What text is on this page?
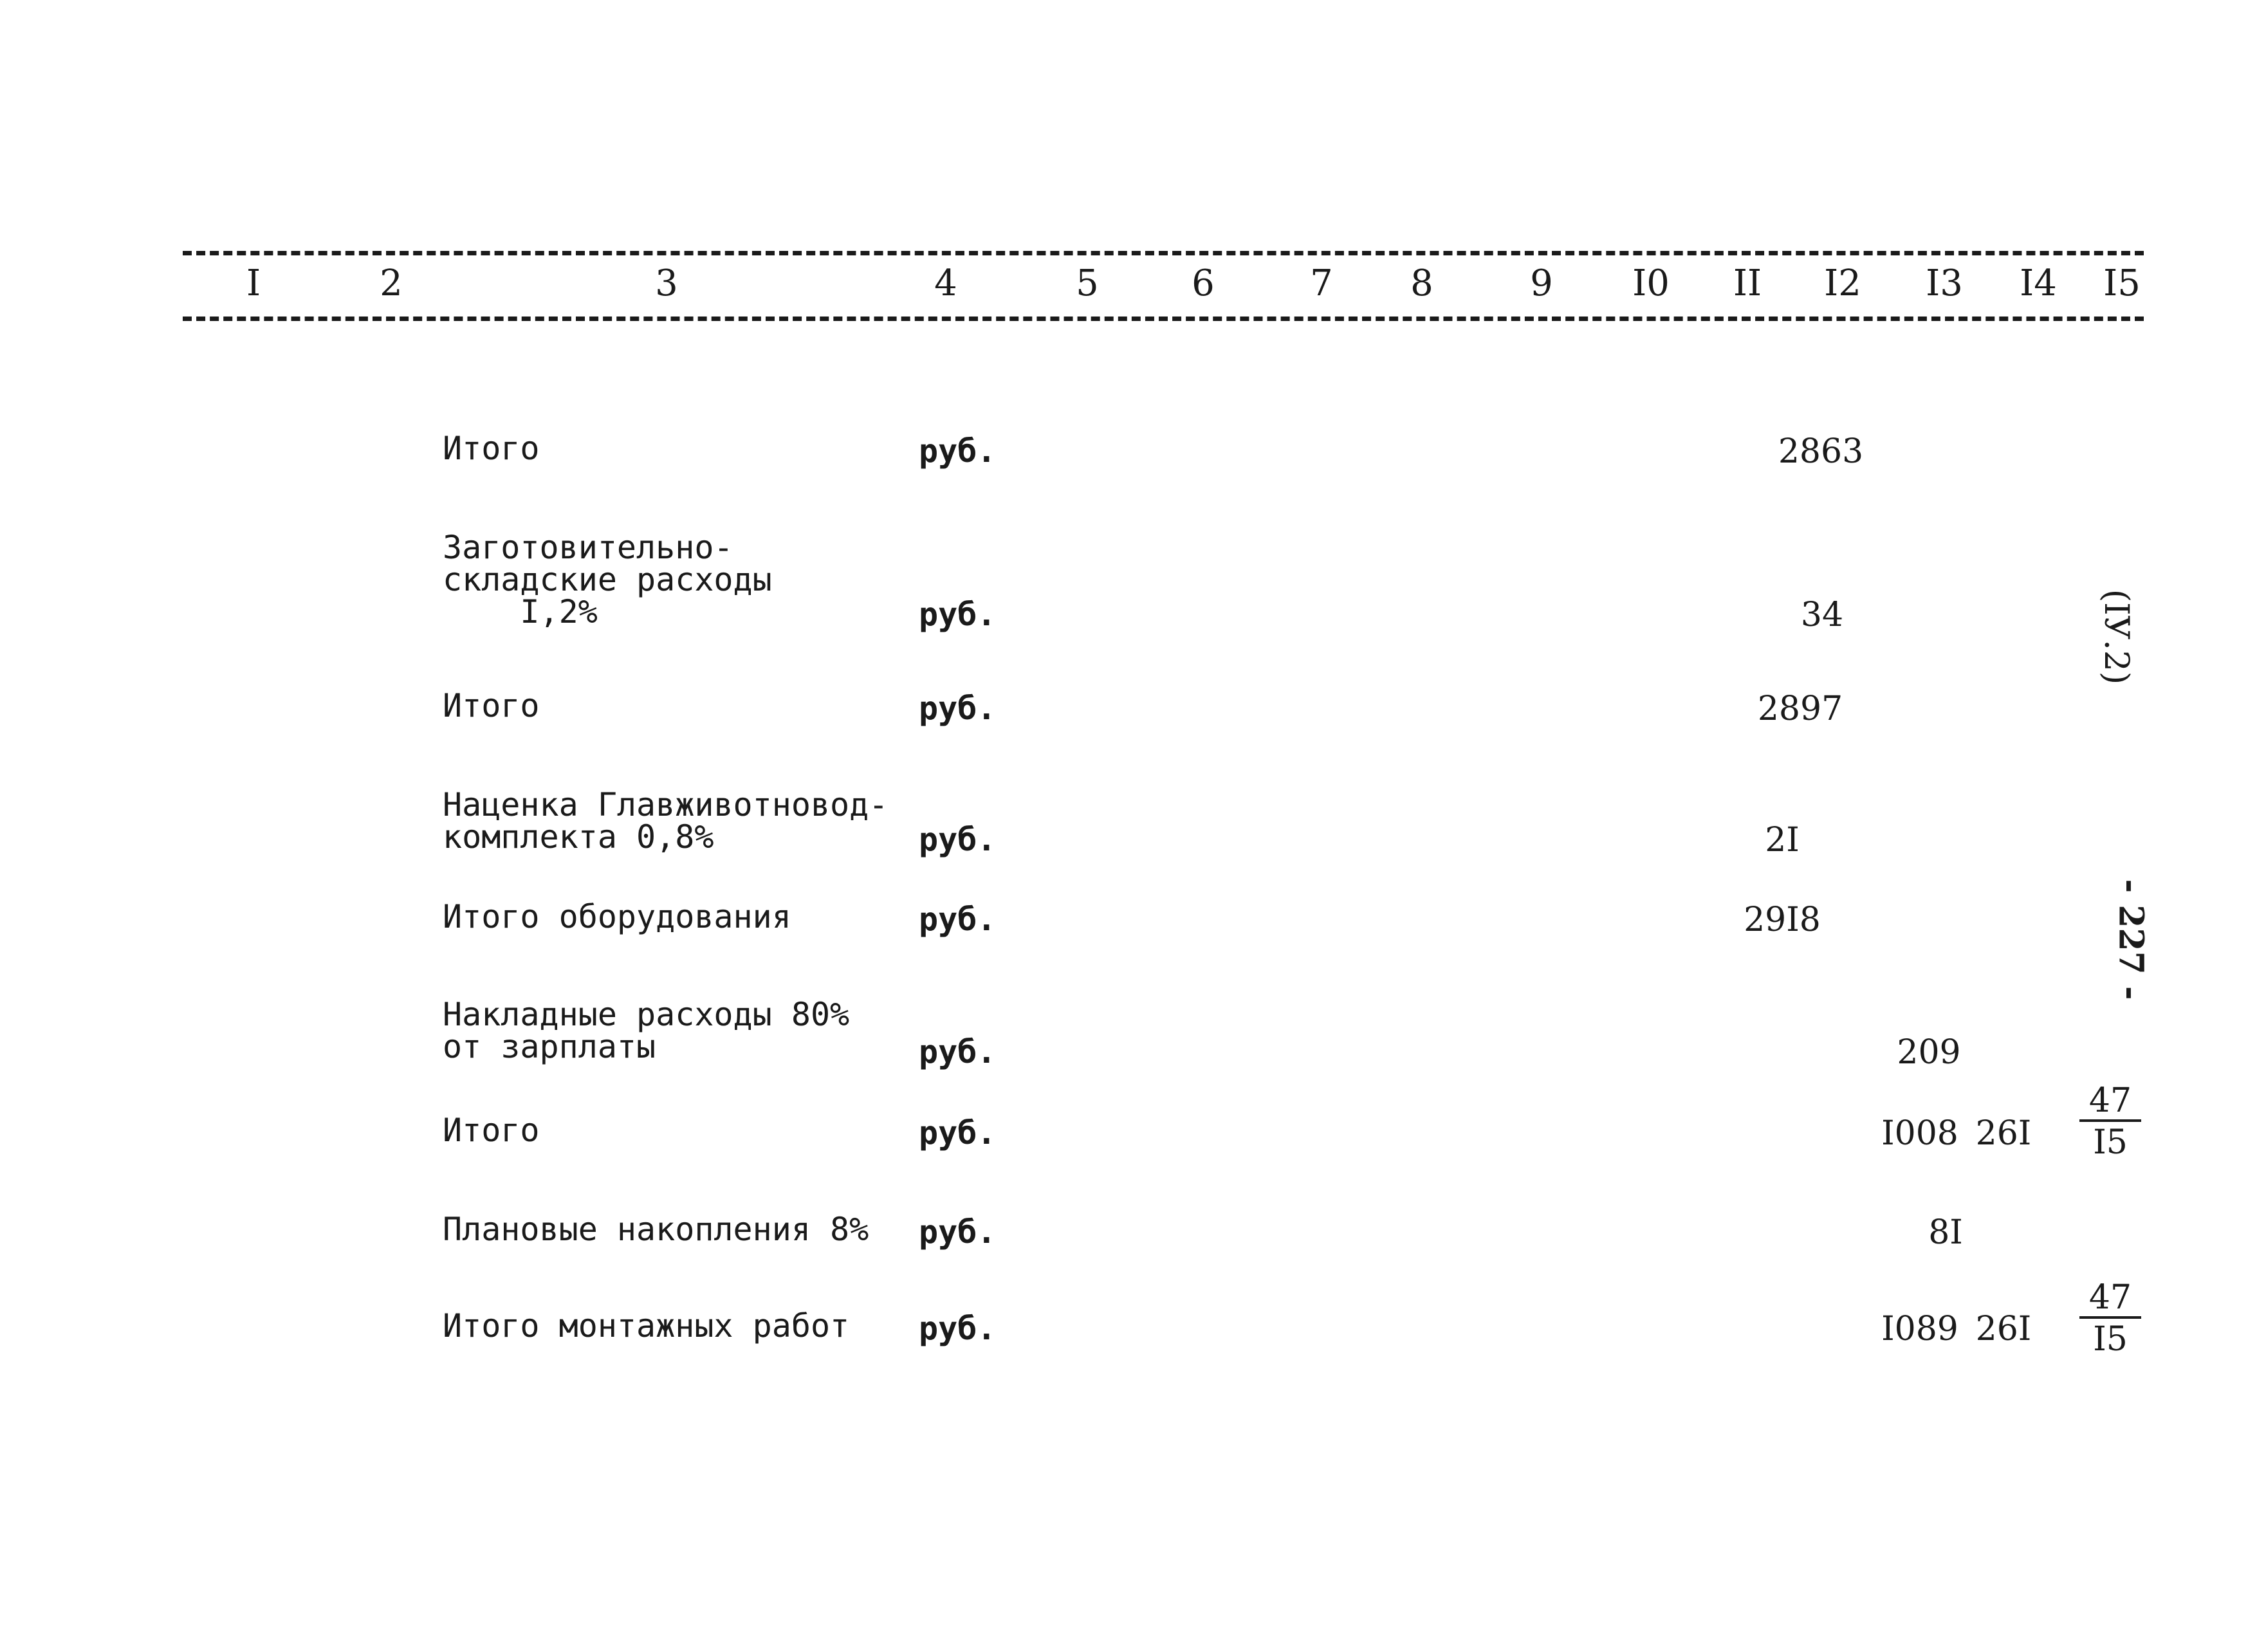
I	2	3	4	5	6	7 8	9 I0 II I2 I3 I4 I5
Итого	руб.	2863
Заготовительно-
складские расходы
I,2%	руб.	34
Итого	руб.	2897
Наценка Главживотновод-
комплекта 0,8%	руб.	2I
Итого оборудования	руб.	29I8
Накладные расходы 80%
от зарплаты	руб.	209
Итого	руб.	I008 $26I \frac{47}{I5}$
Плановые накопления 8% руб.	8I
Итого монтажных работ руб.	I089 $26I \frac{47}{I5}$
(IУ.2)
- 227 -
